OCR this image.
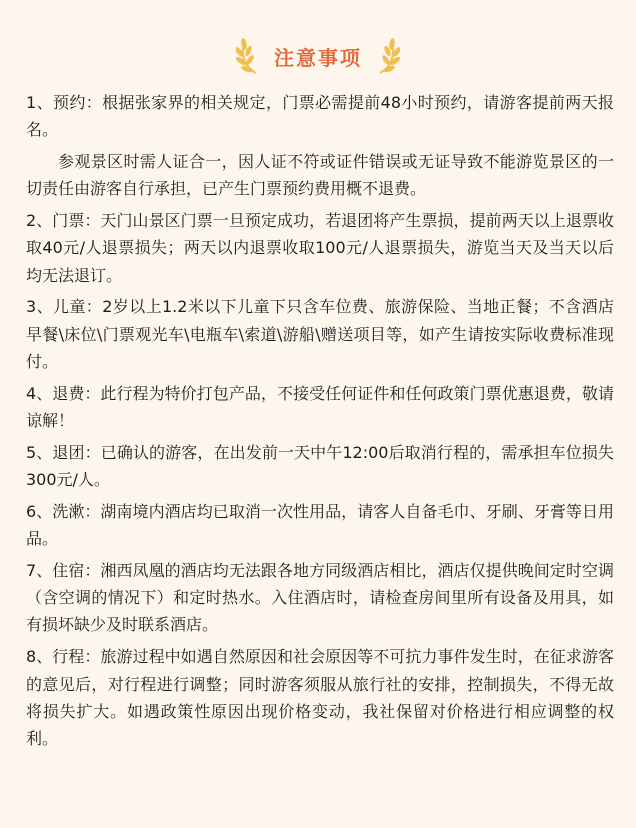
注意事项

1、预约：根据张家界的相关规定，门票必需提前48小时预约，请游客提前两天报名。

参观景区时需人证合一，因人证不符或证件错误或无证导致不能游览景区的一切责任由游客自行承担，已产生门票预约费用概不退费。

2、门票：天门山景区门票一旦预定成功，若退团将产生票损，提前两天以上退票收取40元/人退票损失；两天以内退票收取100元/人退票损失，游览当天及当天以后均无法退订。

3、儿童：2岁以上1.2米以下儿童下只含车位费、旅游保险、当地正餐；不含酒店早餐\床位\门票观光车\电瓶车\索道\游船\赠送项目等，如产生请按实际收费标准现付。

4、退费：此行程为特价打包产品，不接受任何证件和任何政策门票优惠退费，敬请谅解！

5、退团：已确认的游客，在出发前一天中午12:00后取消行程的，需承担车位损失300元/人。

6、洗漱：湖南境内酒店均已取消一次性用品，请客人自备毛巾、牙刷、牙膏等日用品。

7、住宿：湘西凤凰的酒店均无法跟各地方同级酒店相比，酒店仅提供晚间定时空调（含空调的情况下）和定时热水。入住酒店时，请检查房间里所有设备及用具，如有损坏缺少及时联系酒店。

8、行程：旅游过程中如遇自然原因和社会原因等不可抗力事件发生时，在征求游客的意见后，对行程进行调整；同时游客须服从旅行社的安排，控制损失，不得无故将损失扩大。如遇政策性原因出现价格变动，我社保留对价格进行相应调整的权利。
